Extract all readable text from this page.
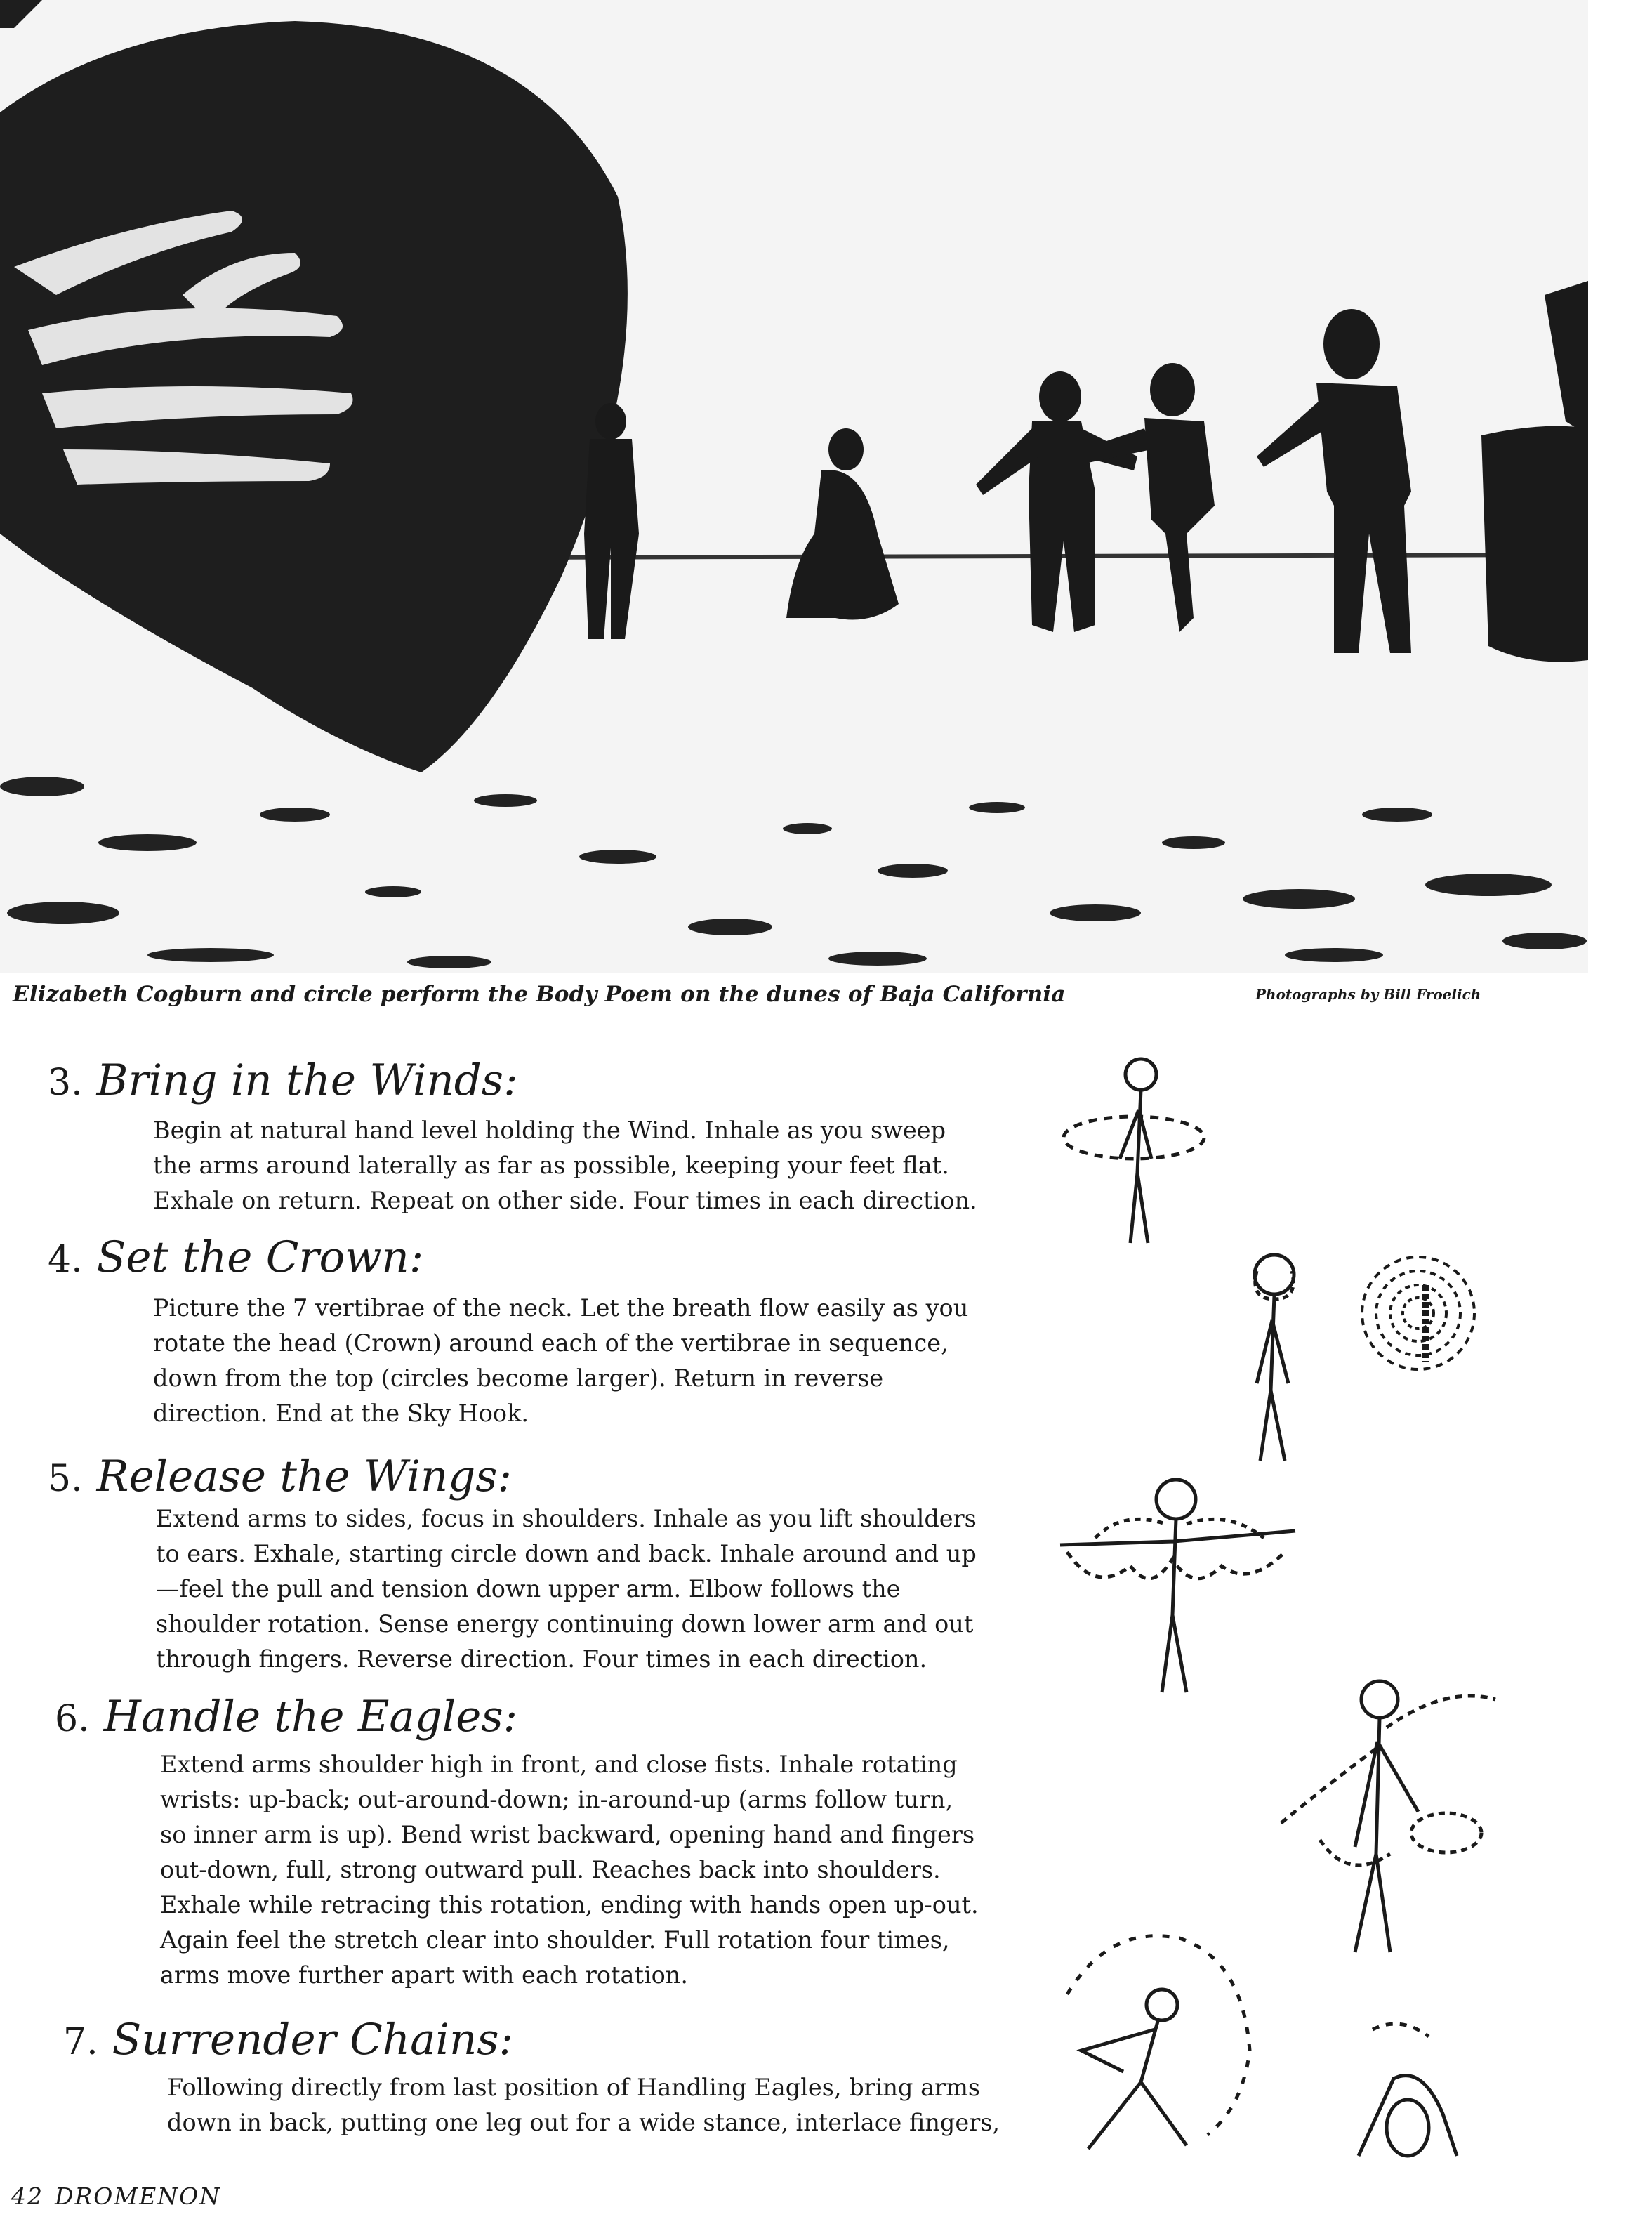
Elizabeth Cogburn and circle perform the Body Poem on the dunes of Baja California	Photographs by Bill Froelich
3. Bring in the Winds:
Begin at natural hand level holding the Wind. Inhale as you sweep
the arms around laterally as far as possible, keeping your feet flat.
Exhale on return. Repeat on other side. Four times in each direction.
4. Set the Crown:
Picture the 7 vertibrae of the neck. Let the breath flow easily as you
rotate the head (Crown) around each of the vertibrae in sequence,
down from the top (circles become larger). Return in reverse
direction. End at the Sky Hook.
5. Release the Wings:
Extend arms to sides, focus in shoulders. Inhale as you lift shoulders
to ears. Exhale, starting circle down and back. Inhale around and up
—feel the pull and tension down upper arm. Elbow follows the
shoulder rotation. Sense energy continuing down lower arm and out
through fingers. Reverse direction. Four times in each direction.
6. Handle the Eagles:
Extend arms shoulder high in front, and close fists. Inhale rotating
wrists: up-back; out-around-down; in-around-up (arms follow turn,
so inner arm is up). Bend wrist backward, opening hand and fingers
out-down, full, strong outward pull. Reaches back into shoulders.
Exhale while retracing this rotation, ending with hands open up-out.
Again feel the stretch clear into shoulder. Full rotation four times,
arms move further apart with each rotation.
7. Surrender Chains:
Following directly from last position of Handling Eagles, bring arms
down in back, putting one leg out for a wide stance, interlace fingers,
42 DROMENON
